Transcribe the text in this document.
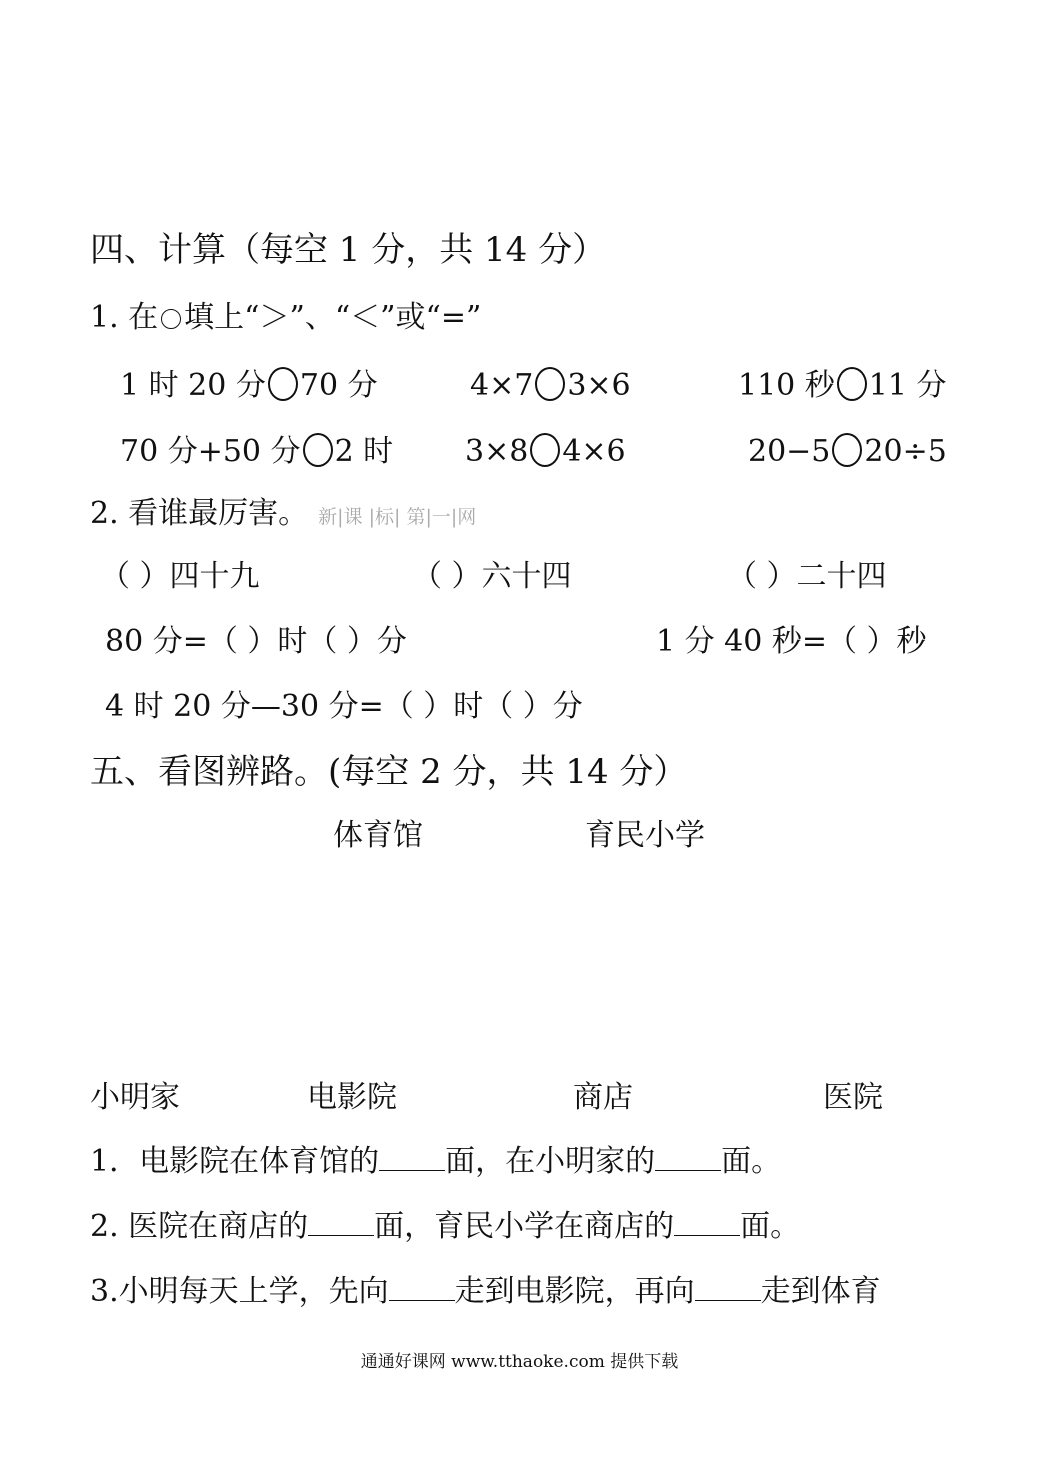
四、计算（每空 1 分，共 14 分）
1. 在 填上“＞”、“＜”或“=”
1 时 20 分 70 分	4×7 3×6	110 秒 11 分
70 分+50 分 2 时 3×8 4×6	20−5 20÷5
2. 看谁最厉害。 新|课 |标| 第|一|网
（ ）四十九	（ ）六十四	（ ）二十四
80 分=（ ）时（ ）分	1 分 40 秒=（ ）秒
4 时 20 分—30 分=（ ）时（ ）分
五、看图辨路。(每空 2 分，共 14 分）
体育馆	育民小学
小明家	电影院	商店	医院
1．电影院在体育馆的 面，在小明家的 面。
2. 医院在商店的 面，育民小学在商店的 面。
3.小明每天上学，先向 走到电影院，再向 走到体育
通通好课网 www.tthaoke.com 提供下载
